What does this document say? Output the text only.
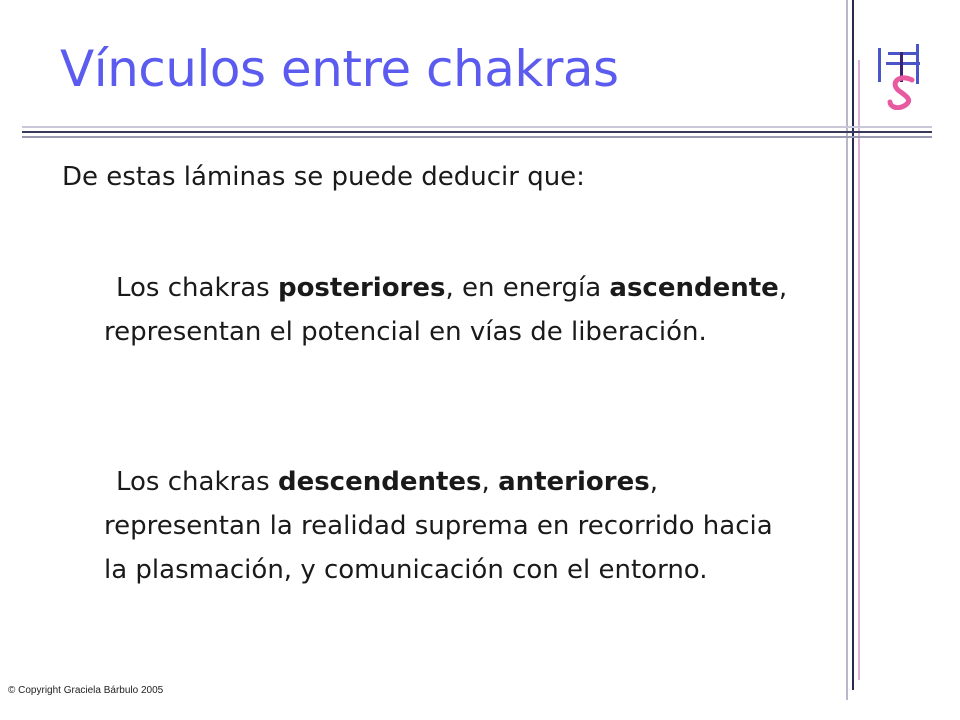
Vínculos entre chakras
De estas láminas se puede deducir que:
Los chakras posteriores, en energía ascendente, representan el potencial en vías de liberación.
Los chakras descendentes, anteriores, representan la realidad suprema en recorrido hacia la plasmación, y comunicación con el entorno.
© Copyright Graciela Bárbulo 2005
